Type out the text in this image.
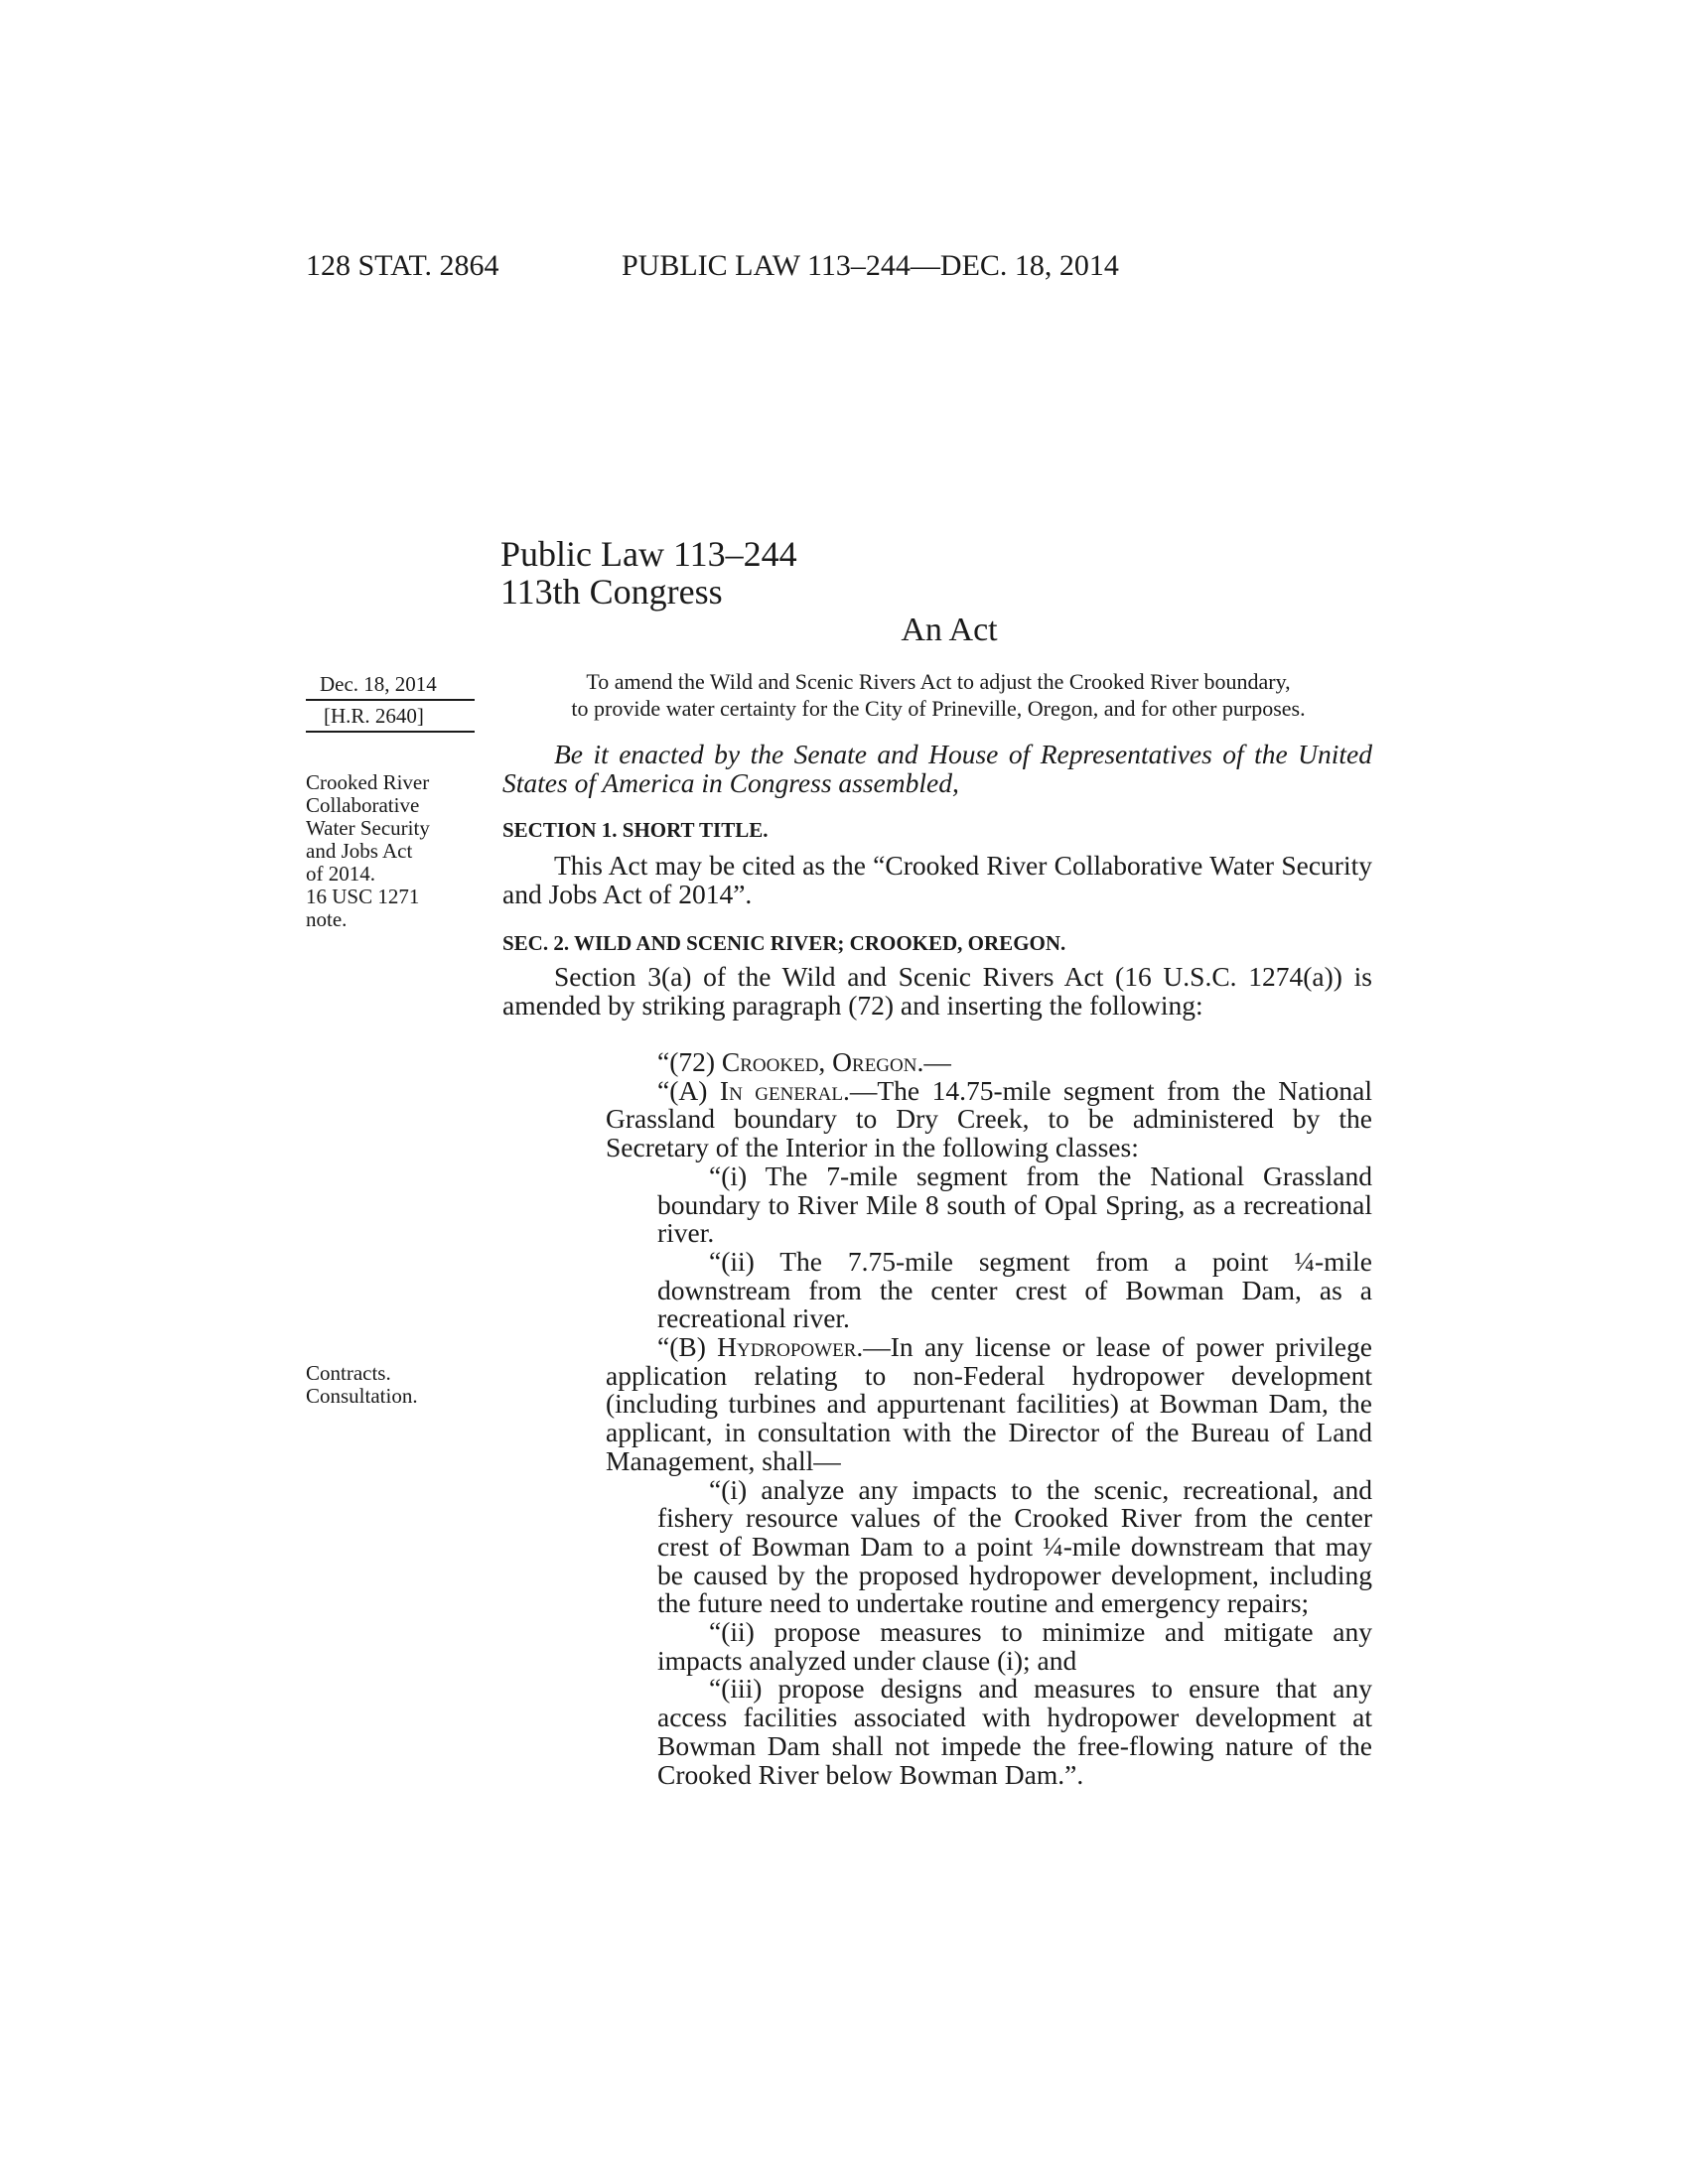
128 STAT. 2864	PUBLIC LAW 113–244—DEC. 18, 2014
Public Law 113–244
113th Congress
An Act
Dec. 18, 2014
[H.R. 2640]
Crooked River
Collaborative
Water Security
and Jobs Act
of 2014.
16 USC 1271
note.
Contracts.
Consultation.
To amend the Wild and Scenic Rivers Act to adjust the Crooked River boundary,
to provide water certainty for the City of Prineville, Oregon, and for other purposes.
Be it enacted by the Senate and House of Representatives of the United States of America in Congress assembled,
SECTION 1. SHORT TITLE.
This Act may be cited as the “Crooked River Collaborative Water Security and Jobs Act of 2014”.
SEC. 2. WILD AND SCENIC RIVER; CROOKED, OREGON.
Section 3(a) of the Wild and Scenic Rivers Act (16 U.S.C. 1274(a)) is amended by striking paragraph (72) and inserting the following:
“(72) Crooked, Oregon.—
“(A) In general.—The 14.75-mile segment from the National Grassland boundary to Dry Creek, to be administered by the Secretary of the Interior in the following classes:
“(i) The 7-mile segment from the National Grassland boundary to River Mile 8 south of Opal Spring, as a recreational river.
“(ii) The 7.75-mile segment from a point ¼-mile downstream from the center crest of Bowman Dam, as a recreational river.
“(B) Hydropower.—In any license or lease of power privilege application relating to non-Federal hydropower development (including turbines and appurtenant facilities) at Bowman Dam, the applicant, in consultation with the Director of the Bureau of Land Management, shall—
“(i) analyze any impacts to the scenic, recreational, and fishery resource values of the Crooked River from the center crest of Bowman Dam to a point ¼-mile downstream that may be caused by the proposed hydropower development, including the future need to undertake routine and emergency repairs;
“(ii) propose measures to minimize and mitigate any impacts analyzed under clause (i); and
“(iii) propose designs and measures to ensure that any access facilities associated with hydropower development at Bowman Dam shall not impede the free-flowing nature of the Crooked River below Bowman Dam.”.
